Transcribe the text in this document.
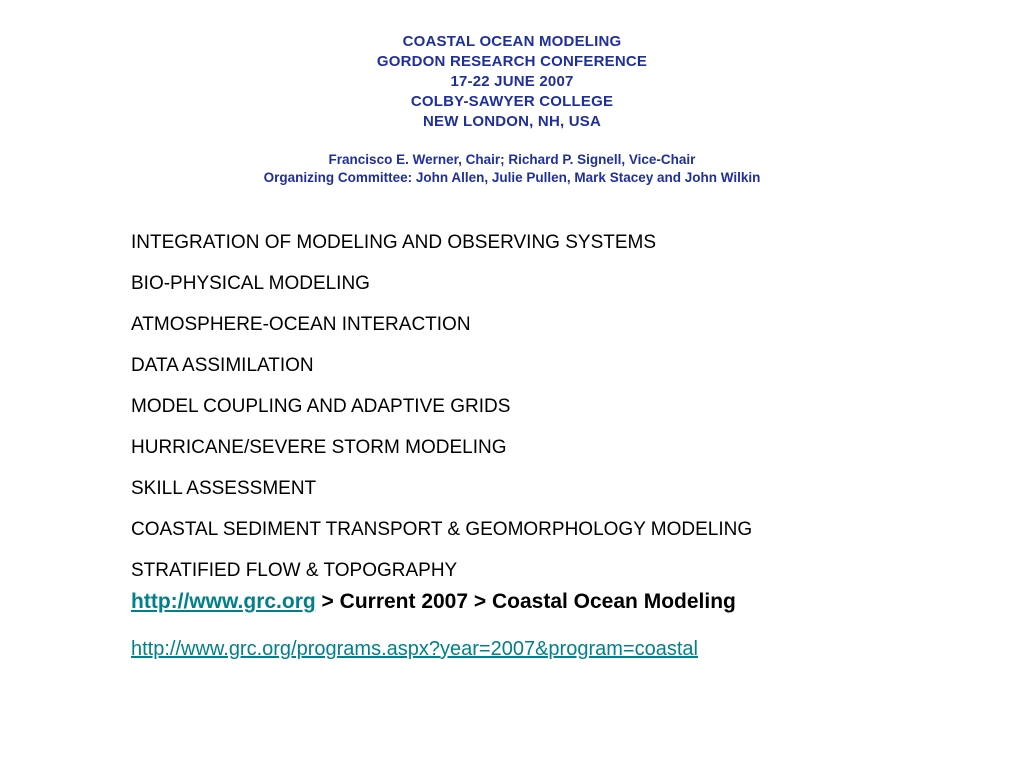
COASTAL OCEAN MODELING
GORDON RESEARCH CONFERENCE
17-22 JUNE 2007
COLBY-SAWYER COLLEGE
NEW LONDON, NH, USA
Francisco E. Werner, Chair; Richard P. Signell, Vice-Chair
Organizing Committee: John Allen, Julie Pullen, Mark Stacey and John Wilkin
INTEGRATION OF MODELING AND OBSERVING SYSTEMS
BIO-PHYSICAL MODELING
ATMOSPHERE-OCEAN INTERACTION
DATA ASSIMILATION
MODEL COUPLING AND ADAPTIVE GRIDS
HURRICANE/SEVERE STORM MODELING
SKILL ASSESSMENT
COASTAL SEDIMENT TRANSPORT & GEOMORPHOLOGY MODELING
STRATIFIED FLOW & TOPOGRAPHY
http://www.grc.org > Current 2007 > Coastal Ocean Modeling
http://www.grc.org/programs.aspx?year=2007&program=coastal
